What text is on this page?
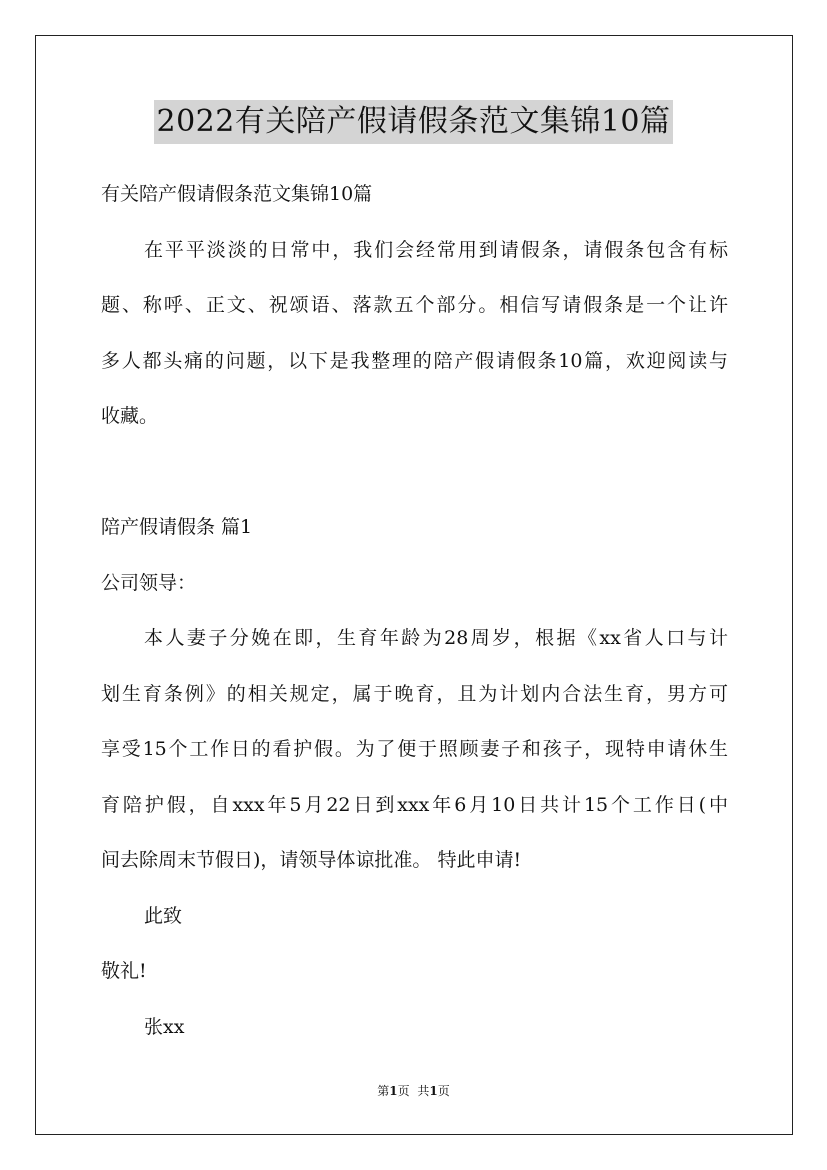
2022有关陪产假请假条范文集锦10篇
有关陪产假请假条范文集锦10篇
在平平淡淡的日常中，我们会经常用到请假条，请假条包含有标
题、称呼、正文、祝颂语、落款五个部分。相信写请假条是一个让许
多人都头痛的问题，以下是我整理的陪产假请假条10篇，欢迎阅读与
收藏。
陪产假请假条 篇1
公司领导：
本人妻子分娩在即，生育年龄为28周岁，根据《xx省人口与计
划生育条例》的相关规定，属于晚育，且为计划内合法生育，男方可
享受15个工作日的看护假。为了便于照顾妻子和孩子，现特申请休生
育陪护假，自xxx年5月22日到xxx年6月10日共计15个工作日(中
间去除周末节假日)，请领导体谅批准。 特此申请!
此致
敬礼!
张xx
第1页 共1页
